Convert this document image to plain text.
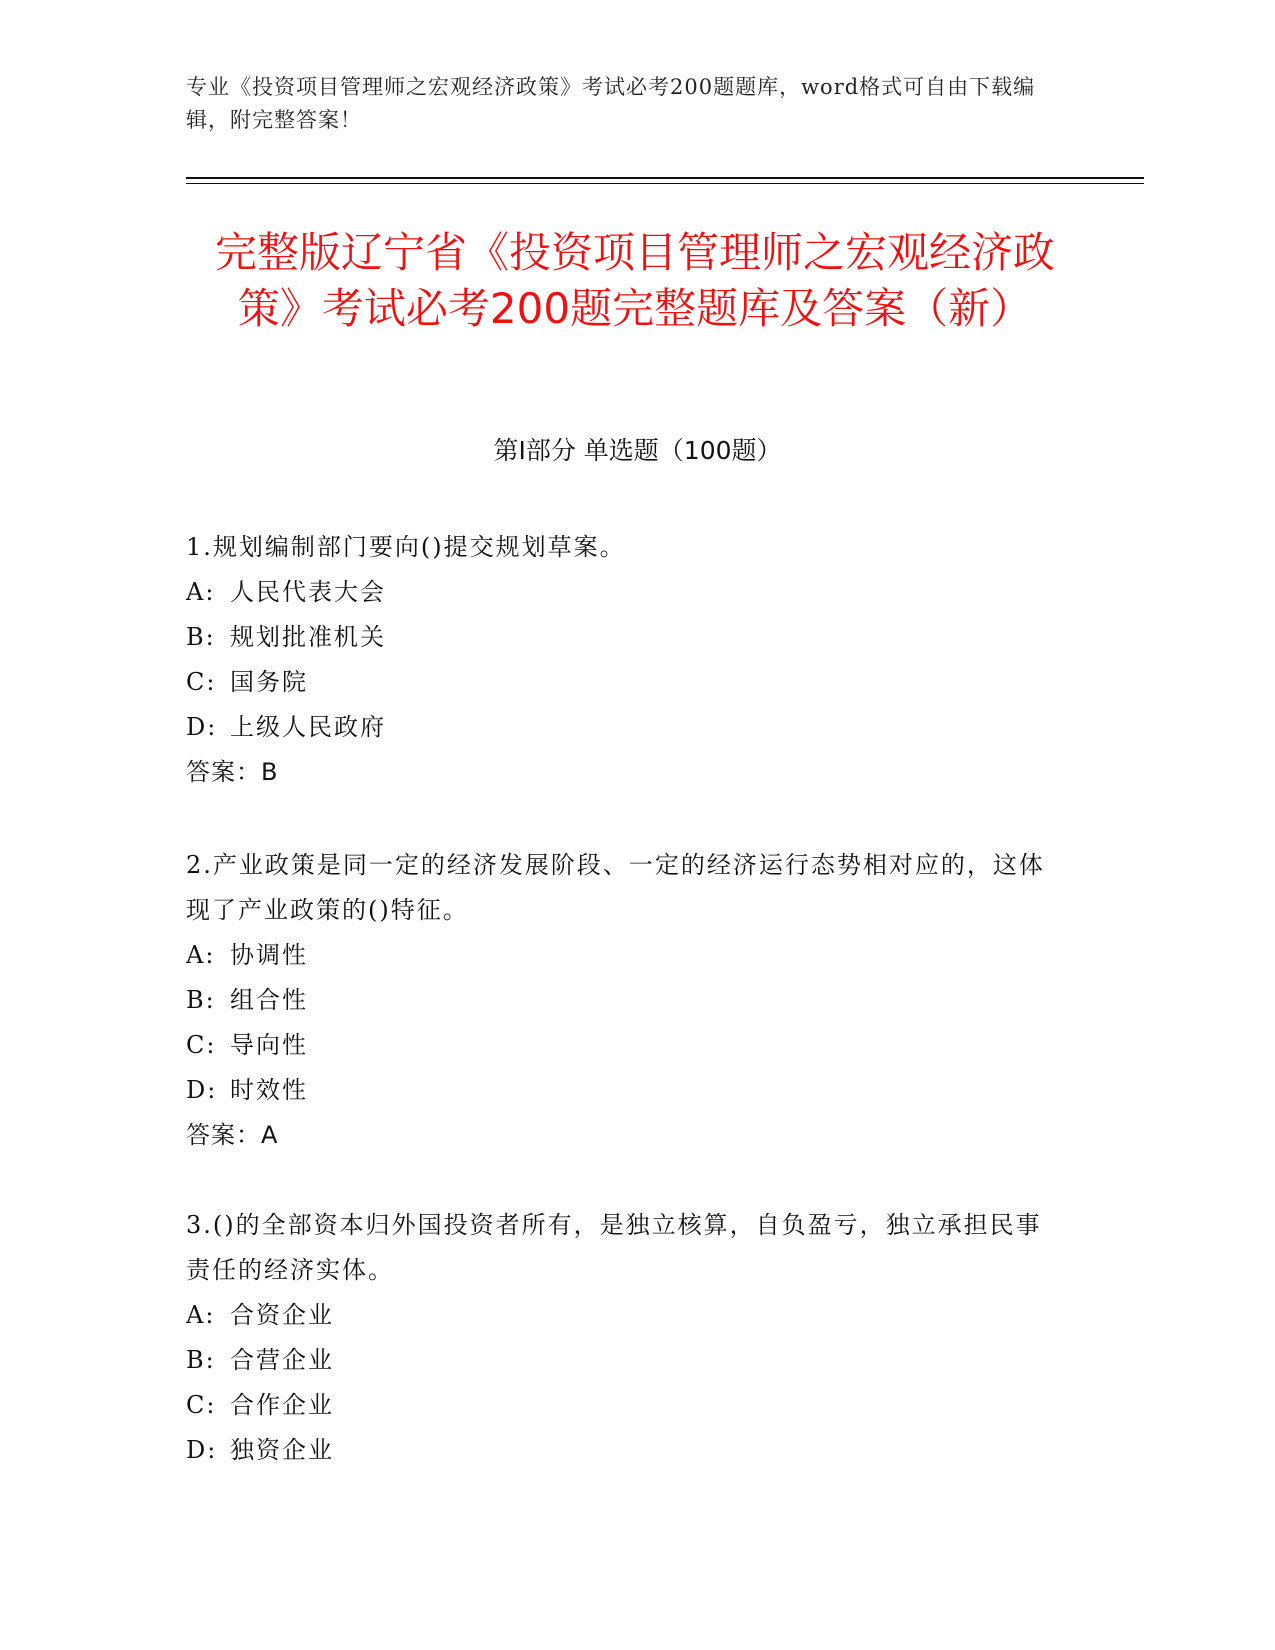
专业《投资项目管理师之宏观经济政策》考试必考200题题库，word格式可自由下载编辑，附完整答案！
完整版辽宁省《投资项目管理师之宏观经济政策》考试必考200题完整题库及答案（新）
第Ⅰ部分 单选题（100题）
1.规划编制部门要向()提交规划草案。
A: 人民代表大会
B: 规划批准机关
C: 国务院
D: 上级人民政府
答案：B
2.产业政策是同一定的经济发展阶段、一定的经济运行态势相对应的，这体现了产业政策的()特征。
A: 协调性
B: 组合性
C: 导向性
D: 时效性
答案：A
3.()的全部资本归外国投资者所有，是独立核算，自负盈亏，独立承担民事责任的经济实体。
A: 合资企业
B: 合营企业
C: 合作企业
D: 独资企业
